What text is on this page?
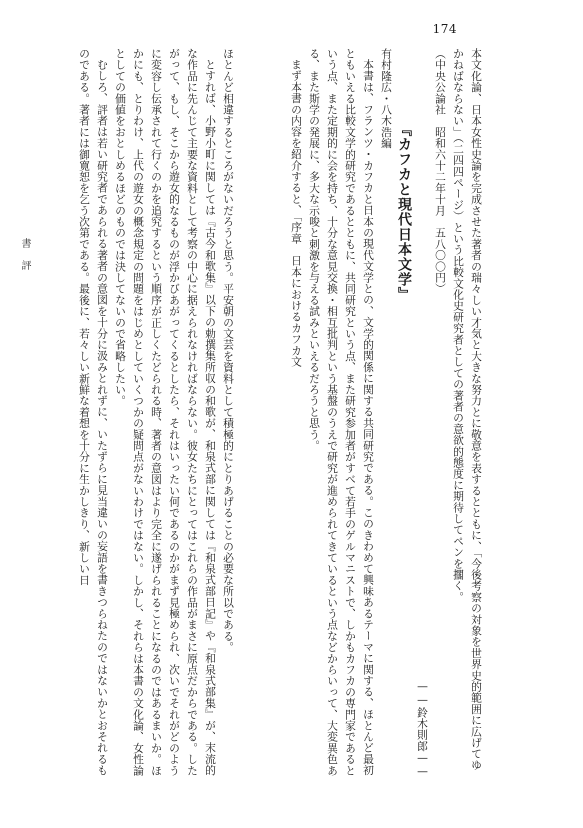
174
書評	本文化論、日本女性史論を完成させた著者の瑞々しい才気と大きな努力とに敬意を表するとともに、「今後考察の対象を世界史的範囲に広げてゆかねばならない」（二四四ページ）という比較文化史研究者としての著者の意欲的態度に期待してペンを擱く。
（中央公論社　昭和六十二年十月　五八〇〇円）
——鈴木則郎——
『カフカと現代日本文学』
有村隆広・八木浩編
本書は、フランツ・カフカと日本の現代文学との、文学的関係に関する共同研究である。このきわめて興味あるテーマに関する、ほとんど最初ともいえる比較文学的研究であるとともに、共同研究という点、また研究参加者がすべて若手のゲルマニストで、しかもカフカの専門家であるという点、また定期的に会を持ち、十分な意見交換・相互批判という基盤のうえで研究が進められてきているという点などからいって、大変異色ある、また斯学の発展に、多大な示唆と刺激を与える試みといえるだろうと思う。
まず本書の内容を紹介すると、「序章　日本におけるカフカ文
ほとんど相違するところがないだろうと思う。平安朝の文芸を資料として積極的にとりあげることの必要な所以である。
とすれば、小野小町に関しては『古今和歌集』以下の勅撰集所収の和歌が、和泉式部に関しては『和泉式部日記』や『和泉式部集』が、末流的な作品に先んじて主要な資料として考察の中心に据えられなければならない。彼女たちにとってはこれらの作品がまさに原点だからである。したがって、もし、そこから遊女的なるものが浮かびあがってくるとしたら、それはいったい何であるのかがまず見極められ、次いでそれがどのように変容し伝承されて行くのかを追究するという順序が正しくたどられる時、著者の意図はより完全に遂げられることになるのではあるまいか。ほかにも、とりわけ、上代の遊女の概念規定の問題をはじめとしていくつかの疑問点がないわけではない。しかし、それらは本書の文化論、女性論としての価値をおとしめるほどのものでは決してないので省略したい。
むしろ、評者は若い研究者であられる著者の意図を十分に汲みとれずに、いたずらに見当違いの妄語を書きつらねたのではないかとおそれるものである。著者には御寛恕を乞う次第である。最後に、若々しい新鮮な着想を十分に生かしきり、新しい日
